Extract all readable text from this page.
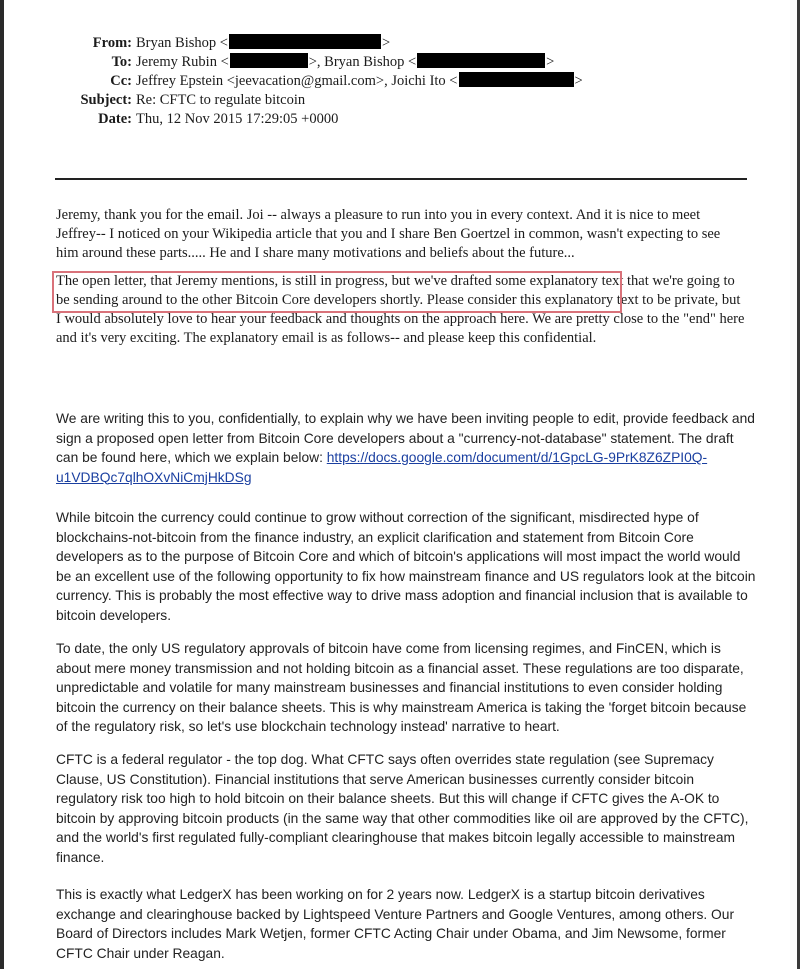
From: Bryan Bishop <	>
To: Jeremy Rubin <	>, Bryan Bishop <	>
Cc: Jeffrey Epstein <jeevacation@gmail.com>, Joichi Ito <	>
Subject: Re: CFTC to regulate bitcoin
Date: Thu, 12 Nov 2015 17:29:05 +0000
Jeremy, thank you for the email. Joi -- always a pleasure to run into you in every context. And it is nice to meet Jeffrey-- I noticed on your Wikipedia article that you and I share Ben Goertzel in common, wasn't expecting to see him around these parts..... He and I share many motivations and beliefs about the future...
The open letter, that Jeremy mentions, is still in progress, but we've drafted some explanatory text that we're going to be sending around to the other Bitcoin Core developers shortly. Please consider this explanatory text to be private, but I would absolutely love to hear your feedback and thoughts on the approach here. We are pretty close to the "end" here and it's very exciting. The explanatory email is as follows-- and please keep this confidential.
We are writing this to you, confidentially, to explain why we have been inviting people to edit, provide feedback and sign a proposed open letter from Bitcoin Core developers about a "currency-not-database" statement. The draft can be found here, which we explain below: https://docs.google.com/document/d/1GpcLG-9PrK8Z6ZPI0Q-u1VDBQc7qlhOXvNiCmjHkDSg
While bitcoin the currency could continue to grow without correction of the significant, misdirected hype of blockchains-not-bitcoin from the finance industry, an explicit clarification and statement from Bitcoin Core developers as to the purpose of Bitcoin Core and which of bitcoin's applications will most impact the world would be an excellent use of the following opportunity to fix how mainstream finance and US regulators look at the bitcoin currency. This is probably the most effective way to drive mass adoption and financial inclusion that is available to bitcoin developers.
To date, the only US regulatory approvals of bitcoin have come from licensing regimes, and FinCEN, which is about mere money transmission and not holding bitcoin as a financial asset. These regulations are too disparate, unpredictable and volatile for many mainstream businesses and financial institutions to even consider holding bitcoin the currency on their balance sheets. This is why mainstream America is taking the 'forget bitcoin because of the regulatory risk, so let's use blockchain technology instead' narrative to heart.
CFTC is a federal regulator - the top dog. What CFTC says often overrides state regulation (see Supremacy Clause, US Constitution). Financial institutions that serve American businesses currently consider bitcoin regulatory risk too high to hold bitcoin on their balance sheets. But this will change if CFTC gives the A-OK to bitcoin by approving bitcoin products (in the same way that other commodities like oil are approved by the CFTC), and the world's first regulated fully-compliant clearinghouse that makes bitcoin legally accessible to mainstream finance.
This is exactly what LedgerX has been working on for 2 years now. LedgerX is a startup bitcoin derivatives exchange and clearinghouse backed by Lightspeed Venture Partners and Google Ventures, among others. Our Board of Directors includes Mark Wetjen, former CFTC Acting Chair under Obama, and Jim Newsome, former CFTC Chair under Reagan.
